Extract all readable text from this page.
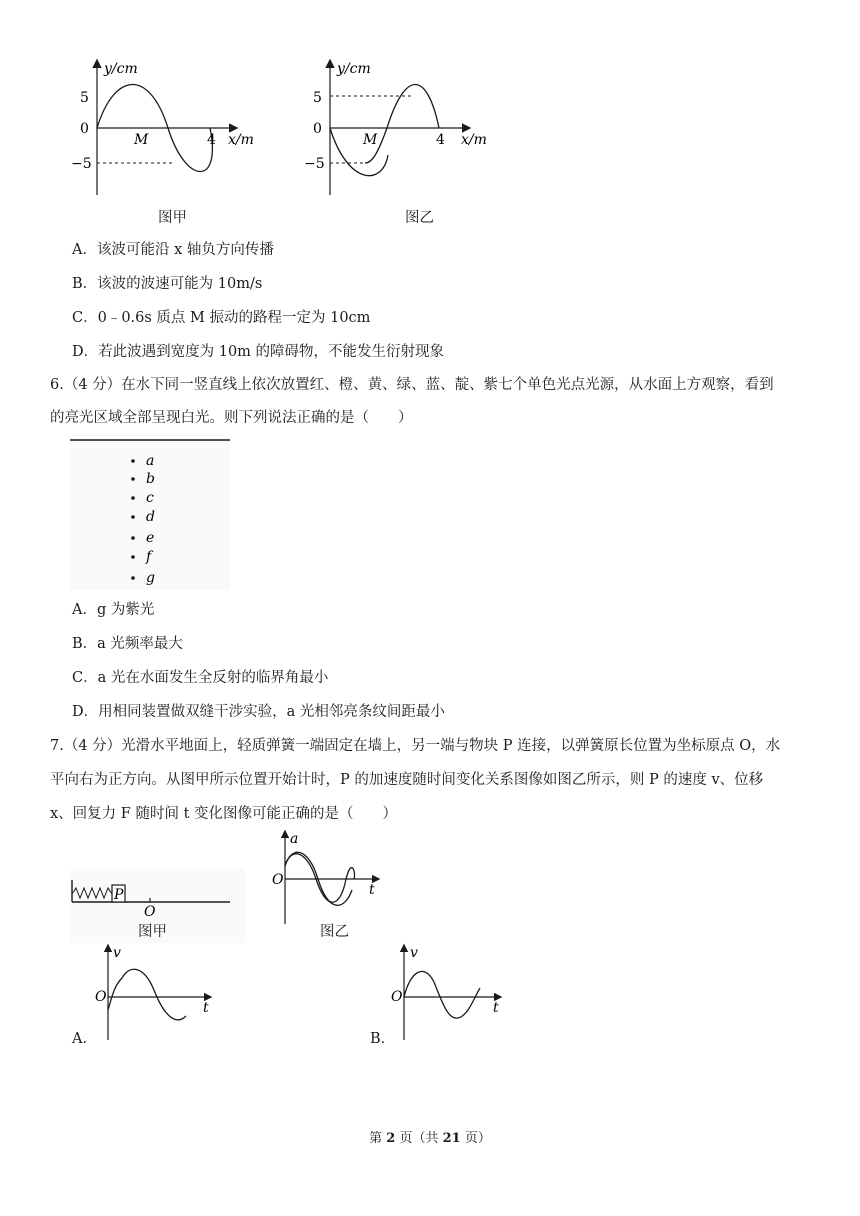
y/cm
5
0
−5
M	4 x/m
图甲
y/cm
5
0
−5
M	4 x/m
图乙
A．该波可能沿 x 轴负方向传播
B．该波的波速可能为 10m/s
C．0﹣0.6s 质点 M 振动的路程一定为 10cm
D．若此波遇到宽度为 10m 的障碍物，不能发生衍射现象
6.（4 分）在水下同一竖直线上依次放置红、橙、黄、绿、蓝、靛、紫七个单色光点光源，从水面上方观察，看到
的亮光区域全部呈现白光。则下列说法正确的是（　　）
a
b
c
d
e
f
g
A．g 为紫光
B．a 光频率最大
C．a 光在水面发生全反射的临界角最小
D．用相同装置做双缝干涉实验，a 光相邻亮条纹间距最小
7.（4 分）光滑水平地面上，轻质弹簧一端固定在墙上，另一端与物块 P 连接，以弹簧原长位置为坐标原点 O，水
平向右为正方向。从图甲所示位置开始计时，P 的加速度随时间变化关系图像如图乙所示，则 P 的速度 v、位移
x、回复力 F 随时间 t 变化图像可能正确的是（　　）
P
O
图甲
a
O
t
图乙
v
O
t
A．
v
O
t
B．
第 2 页（共 21 页）
